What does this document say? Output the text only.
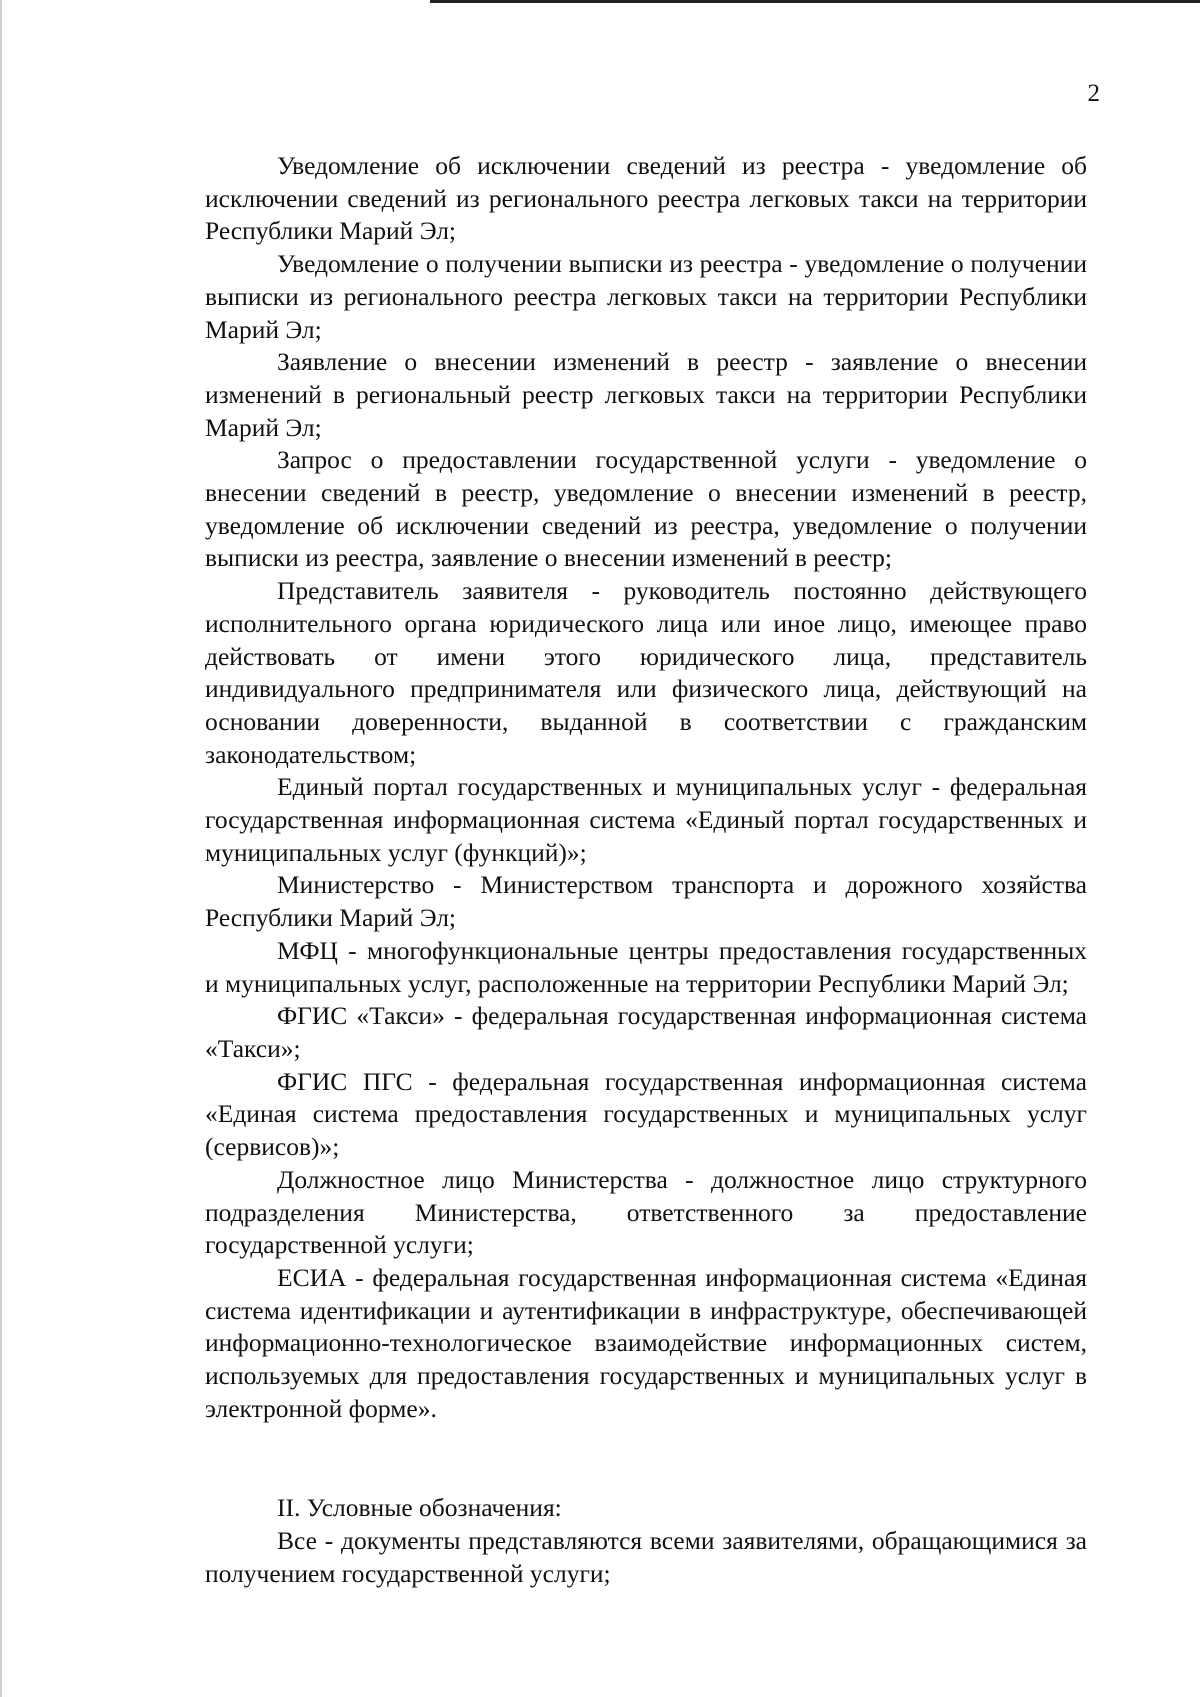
2

Уведомление об исключении сведений из реестра - уведомление об исключении сведений из регионального реестра легковых такси на территории Республики Марий Эл;

Уведомление о получении выписки из реестра - уведомление о получении выписки из регионального реестра легковых такси на территории Республики Марий Эл;

Заявление о внесении изменений в реестр - заявление о внесении изменений в региональный реестр легковых такси на территории Республики Марий Эл;

Запрос о предоставлении государственной услуги - уведомление о внесении сведений в реестр, уведомление о внесении изменений в реестр, уведомление об исключении сведений из реестра, уведомление о получении выписки из реестра, заявление о внесении изменений в реестр;

Представитель заявителя - руководитель постоянно действующего исполнительного органа юридического лица или иное лицо, имеющее право действовать от имени этого юридического лица, представитель индивидуального предпринимателя или физического лица, действующий на основании доверенности, выданной в соответствии с гражданским законодательством;

Единый портал государственных и муниципальных услуг - федеральная государственная информационная система «Единый портал государственных и муниципальных услуг (функций)»;

Министерство - Министерством транспорта и дорожного хозяйства Республики Марий Эл;

МФЦ - многофункциональные центры предоставления государственных и муниципальных услуг, расположенные на территории Республики Марий Эл;

ФГИС «Такси» - федеральная государственная информационная система «Такси»;

ФГИС ПГС - федеральная государственная информационная система «Единая система предоставления государственных и муниципальных услуг (сервисов)»;

Должностное лицо Министерства - должностное лицо структурного подразделения Министерства, ответственного за предоставление государственной услуги;

ЕСИА - федеральная государственная информационная система «Единая система идентификации и аутентификации в инфраструктуре, обеспечивающей информационно-технологическое взаимодействие информационных систем, используемых для предоставления государственных и муниципальных услуг в электронной форме».

II. Условные обозначения:

Все - документы представляются всеми заявителями, обращающимися за получением государственной услуги;
